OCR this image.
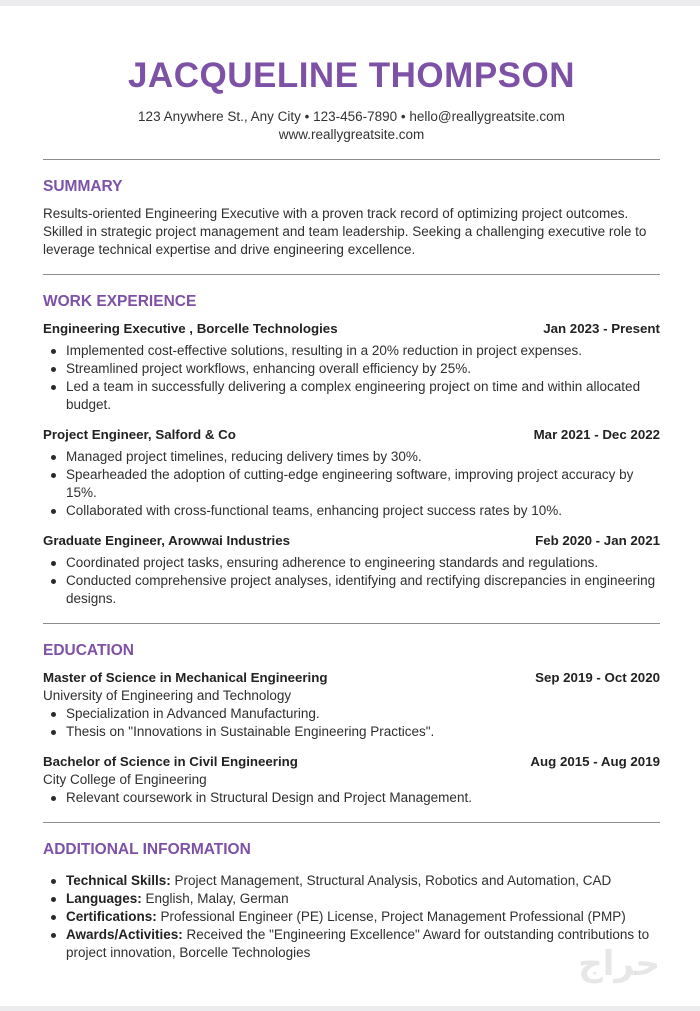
JACQUELINE THOMPSON
123 Anywhere St., Any City • 123-456-7890 • hello@reallygreatsite.com
www.reallygreatsite.com
SUMMARY
Results-oriented Engineering Executive with a proven track record of optimizing project outcomes. Skilled in strategic project management and team leadership. Seeking a challenging executive role to leverage technical expertise and drive engineering excellence.
WORK EXPERIENCE
Engineering Executive , Borcelle Technologies	Jan 2023 - Present
Implemented cost-effective solutions, resulting in a 20% reduction in project expenses.
Streamlined project workflows, enhancing overall efficiency by 25%.
Led a team in successfully delivering a complex engineering project on time and within allocated budget.
Project Engineer, Salford & Co	Mar 2021 - Dec 2022
Managed project timelines, reducing delivery times by 30%.
Spearheaded the adoption of cutting-edge engineering software, improving project accuracy by 15%.
Collaborated with cross-functional teams, enhancing project success rates by 10%.
Graduate Engineer, Arowwai Industries	Feb 2020 - Jan 2021
Coordinated project tasks, ensuring adherence to engineering standards and regulations.
Conducted comprehensive project analyses, identifying and rectifying discrepancies in engineering designs.
EDUCATION
Master of Science in Mechanical Engineering	Sep 2019 - Oct 2020
University of Engineering and Technology
Specialization in Advanced Manufacturing.
Thesis on "Innovations in Sustainable Engineering Practices".
Bachelor of Science in Civil Engineering	Aug 2015 - Aug 2019
City College of Engineering
Relevant coursework in Structural Design and Project Management.
ADDITIONAL INFORMATION
Technical Skills: Project Management, Structural Analysis, Robotics and Automation, CAD
Languages: English, Malay, German
Certifications: Professional Engineer (PE) License, Project Management Professional (PMP)
Awards/Activities: Received the "Engineering Excellence" Award for outstanding contributions to project innovation, Borcelle Technologies	حراج
